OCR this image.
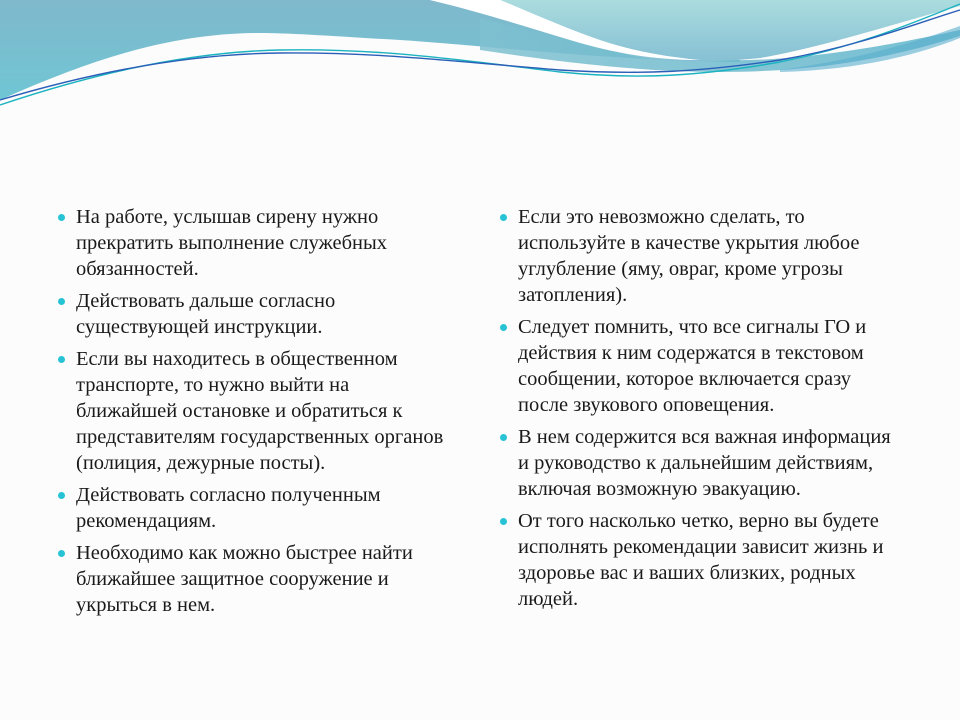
На работе, услышав сирену нужно прекратить выполнение служебных обязанностей.
Действовать дальше согласно существующей инструкции.
Если вы находитесь в общественном транспорте, то нужно выйти на ближайшей остановке и обратиться к представителям государственных органов (полиция, дежурные посты).
Действовать согласно полученным рекомендациям.
Необходимо как можно быстрее найти ближайшее защитное сооружение и укрыться в нем.
Если это невозможно сделать, то используйте в качестве укрытия любое углубление (яму, овраг, кроме угрозы затопления).
Следует помнить, что все сигналы ГО и действия к ним содержатся в текстовом сообщении, которое включается сразу после звукового оповещения.
В нем содержится вся важная информация и руководство к дальнейшим действиям, включая возможную эвакуацию.
От того насколько четко, верно вы будете исполнять рекомендации зависит жизнь и здоровье вас и ваших близких, родных людей.
